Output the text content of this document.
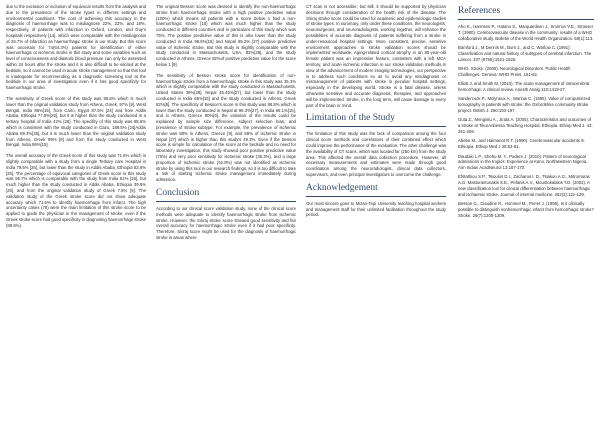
due to the exclusion or inclusion of equivocal results from the analysis and due to the prevalence of the stroke types in different settings and environmental conditions. The cost of achieving this accuracy in the diagnosis of haemorrhage was to misdiagnose 22%, 22%, and 18%, respectively, of patients with infarction in Oxford, London, and Guy's hospitals respectively [14], which were comparable with the misdiagnosis of 26.7% of infarction as haemorrhagic stroke in our study. But this score was uncertain for 74(64.3%) patients for identification of either haemorrhagic or ischemic stroke in this study and some variables such as level of consciousness and diastolic blood pressure can only be assessed within 24 hours after the stroke and it is also difficult to be elicited at the bedside, so it cannot be used in acute stroke management so that this tool is inadequate for recommending as a diagnostic screening tool at the bedside in our area of investigation even if it has good specificity for haemorrhagic stroke.

The sensitivity of Greek score of this study was 58.8% which is much lower than the original validation study from Athens, Greek, 97% [9], West Bengal, India 86%[15], from Cairo, Egypt 87.5% [24] and from Addis Ababa, Ethiopia 77.8%[25], but it is higher than the study conducted in a tertiary hospital of India 42% [26]. The specifity of this study was 88.5% which is consistent with the study conducted in Cairo, 189.5% [24]Addis Ababa 89.3%[25], but it is much lower than the original validation study from Athens, Greek 99% [9] and from the study conducted in West Bengal, India 99%[15].

The overall accuracy of the Greek score of this study was 71.6% which is slightly comparable with a study from a single Tertiary care Hospital in India 79.5% [26], but lower than the study in Addis Ababa, Ethiopia 83.6%[25]. The percentage of equivocal categories of Greek score in this study was 55.7% which is comparable with the study from India 51% [26], but much higher than the study conducted in Addis Ababa, Ethiopia 39.6% [25], and from the original validation study of Greek 7.8% [9]. The validation study of the Greek stroke score did not show adequate accuracy which 71.6% to identify haemorrhage from infarct. The high uncertainty cases (78) were the main limitation of this stroke score to be applied to guide the physician in the management of stroke, even if the Greek stroke score had good specificity in diagnosing haemorrhage stroke (88.5%).

The original Besson score was devised to identify the non-haemorrhagic stroke from haemorrhagic stroke with a high positive predictive value (100%) which means all patients with a score below 1 had a non-haemorrhagic stroke [10] which was much higher than the study conducted in different countries and in particulars of this study which was 75%. The positive predictive value of this is also lower than the study conducted in India 98.6%[15] and Nepal 95.2% [27] positive predictive value of ischemic stroke. But this study is slightly comparable with the study conducted in Massachusetts, USA, 82%[28], and the study conducted in Athens, Greece 82%of positive predictive value for the score below 1 [9].

The sensitivity of Besson stroke score for identification of non-haemorrhagic stroke from a haemorrhagic stroke in this study was 35.3% which is slightly comparable with the study conducted in Massachusetts, United States 38%[28], Nepal 45.45%[27], but lower than the study conducted in India 65%[15] and the study conducted in Athens, Greek 82%[9]. The specificity of Besson's score in this study was 88.8% which is lower than the study conducted in Nepal at 95.3%[27], in India 96.1%[15], and in Athens, Greece 90%[9]. the variation of the results could be explained by sample size difference, subject selection bias, and prevalence of stroke subtype. For example, the prevalence of ischemic stroke was 88% in Athens, Greece [9], and 58% of ischemic stroke in Nepal [27] which is higher than this study's 49.3%. Even if the Besson score is simple for calculation of the score at the bedside and no need for laboratory investigation, this study showed poor positive predictive value (75%) and very poor sensitivity for ischemic stroke (35.3%), and a large proportion of ischemic stroke (52.9%) was not identified as ischemic stroke by using this tool in our research findings, so it is too difficult to take a risk of starting ischemic stroke management immediately during admission.

Conclusion

According to our clinical score validation study, none of the clinical score methods were adequate to identify haemorrhagic stroke from ischemic stroke. However, the Siriraj stroke score showed good sensitivity and fair overall accuracy for haemorrhagic stroke even if it had poor specificity. Therefore, Siriraj score might be used for the diagnosis of haemorrhagic stroke in areas where

CT scan is not accessible; but still, it should be supported by physician decisions through consideration of the health risk of the disease. The Siriraj stroke score could be used for academic and epidemiologic studies of stroke types. In summary, only under these conditions, the neurologists, neurosurgeons, and neuroradiologists, working together, will enhance the possibilities of accurate diagnosis of patients suffering from a stroke in under-resourced hospital settings. More consistent, precise, sensitive environment approaches to stroke validation scores should be implemented worldwide. Aging-related cortical atrophy in an 85-year-old female patient was an impressive feature, consistent with a left MCA territory, and acute ischemic infarction in our stroke validation methods.In view of the advancement of modern imaging technologies, our perspective is to address such conditions so as to avoid any misdiagnosis or mismanagement of patients with stroke in peculiar hospital settings, especially in the developing world. Stroke is a fatal disease, unless otherwise sensitive and accurate diagnosis, therapies, and approaches will be implemented. Stroke, in the long term, will cause damage to every part of the brain or mind.

Limitation of the Study

The limitation of this study was the lack of comparison among the four clinical score methods and correlations of their combined effect which could improve the performance of the evaluation. The other challenge was the availability of CT scans, which was located far (250 km) from the study area. This affected the overall data collection procedure. However, all necessary measurements and estimates were made through good coordination among the neuroradiologist, clinical data collectors, supervisors, and even principal investigators to overcome the challenge.

Acknowledgement

Our most sincere goes to Mizan-Tepi University teaching hospital workers and management staff for their unlimited facilitation throughout the study period.

References
Aho K., Harmsen P., Hatano S., Marquardsen J., Smirnov V.E., Strasser T. (1980). Cerebrovascular disease in the community: results of a WHO collaborative study. Bulletin of the World Health Organization. 58(1):113.
Bamford J., M Dennis M., Burn J., and C. Warlow C. (1991): Classification and natural history of subtypes of cerebral infarction. The Lancet. 337 (8756):1521-1526.
WHO, Stroke. (2006). Neurological Disorders. Public Health Challenges. Geneva: WHO Press. 151-62.
Elliott J, and Smith M. (2010). The acute management of intracerebral hemorrhage: A clinical review. Anesth Analg.110:1419-27.
Sandercock P., Molyneux A., Warlow C. (1985). Value of computerized tomography in patients with stroke: the Oxfordshire community stroke project. British J. 290:193-197.
Guta Z., Mengistu A., Jirata A. (2005): Characteristics and outcomes of a stroke at TikurAnbessa Teaching Hospital, Ethiopia. Ethiop Med J. 43: 251-259.
Abebe M., and Haimanot R.T. (1990). Cerebrovascular accidents in Ethiopia. Ethiop Med J 28:53-61.
Daudaki L.P., Shehu M. Y., Padere J. (2010): Pattern of neurological admissions in the tropics: Experience at Kano, Northwestern Nigeria. Ann Indian AcadNeurol 13:167-170.
Efstathiou S.P., Tsioulos D.I., Zacharos I. D., Tsiakou A.G., Mitromaras A.G. Mastorantonakis S.E., Pefanis A.V., Mountokalakis T.D. (2002). A new classification tool for clinical differentiation between haemorrhagic and ischaemic stroke. Journal of internal medicine. 252(2):121-129.
Besson G., Claudine R., Hommel M., Perret J. (1995). Is it clinically possible to distinguish nonhemorrhagic infarct from hemorrhagic stroke? Stroke. 26(7):1205-1209.
